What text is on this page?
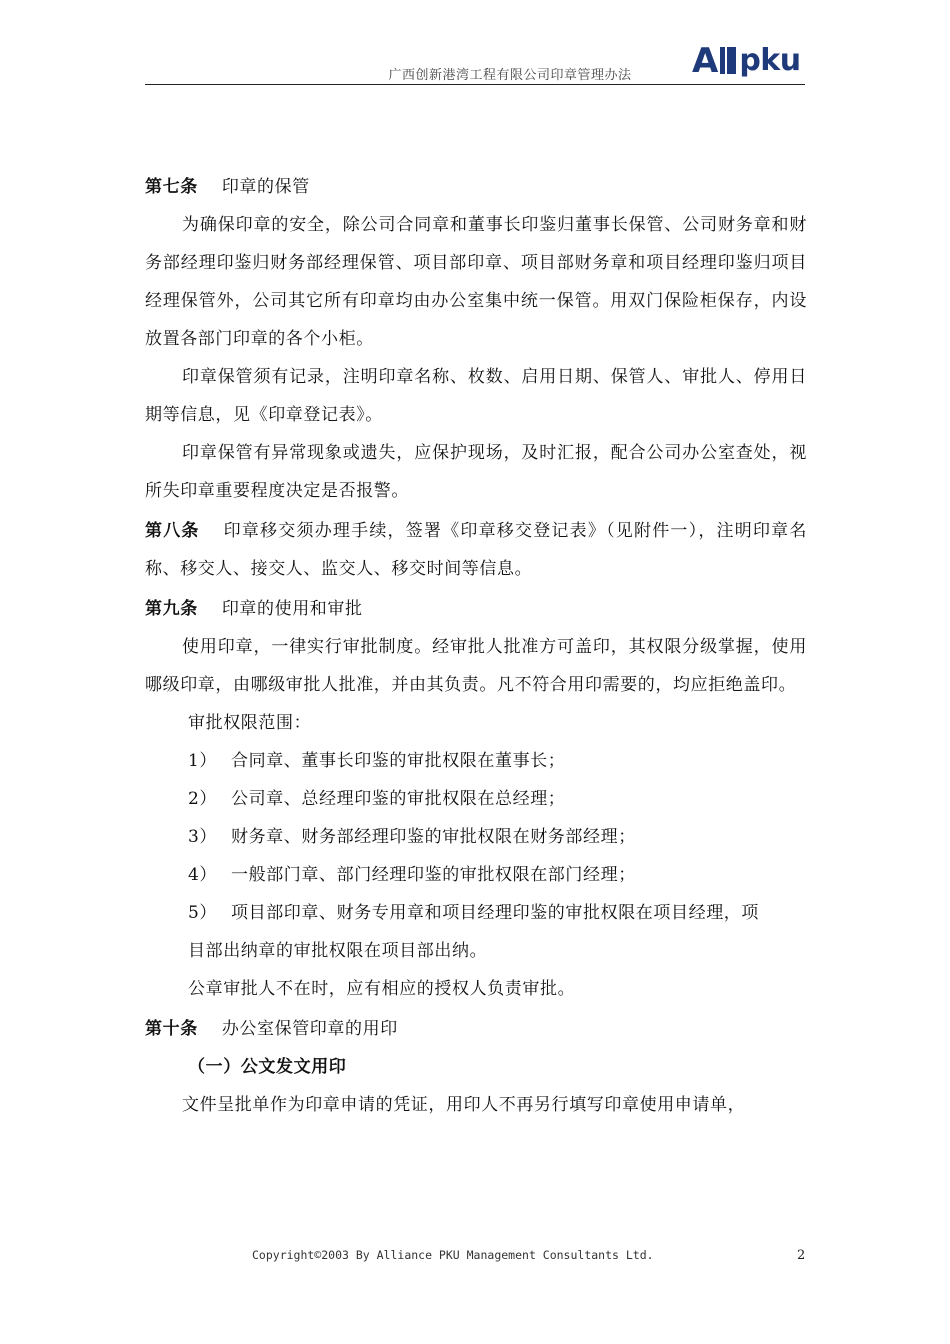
广西创新港湾工程有限公司印章管理办法	A pku

第七条 印章的保管

为确保印章的安全，除公司合同章和董事长印鉴归董事长保管、公司财务章和财务部经理印鉴归财务部经理保管、项目部印章、项目部财务章和项目经理印鉴归项目经理保管外，公司其它所有印章均由办公室集中统一保管。用双门保险柜保存，内设放置各部门印章的各个小柜。

印章保管须有记录，注明印章名称、枚数、启用日期、保管人、审批人、停用日期等信息，见《印章登记表》。

印章保管有异常现象或遗失，应保护现场，及时汇报，配合公司办公室查处，视所失印章重要程度决定是否报警。

第八条 印章移交须办理手续，签署《印章移交登记表》（见附件一），注明印章名称、移交人、接交人、监交人、移交时间等信息。

第九条 印章的使用和审批

使用印章，一律实行审批制度。经审批人批准方可盖印，其权限分级掌握，使用哪级印章，由哪级审批人批准，并由其负责。凡不符合用印需要的，均应拒绝盖印。

审批权限范围：

1） 合同章、董事长印鉴的审批权限在董事长；

2） 公司章、总经理印鉴的审批权限在总经理；

3） 财务章、财务部经理印鉴的审批权限在财务部经理；

4） 一般部门章、部门经理印鉴的审批权限在部门经理；

5） 项目部印章、财务专用章和项目经理印鉴的审批权限在项目经理，项

目部出纳章的审批权限在项目部出纳。

公章审批人不在时，应有相应的授权人负责审批。

第十条 办公室保管印章的用印

（一）公文发文用印

文件呈批单作为印章申请的凭证，用印人不再另行填写印章使用申请单，

Copyright©2003 By Alliance PKU Management Consultants Ltd.	2
